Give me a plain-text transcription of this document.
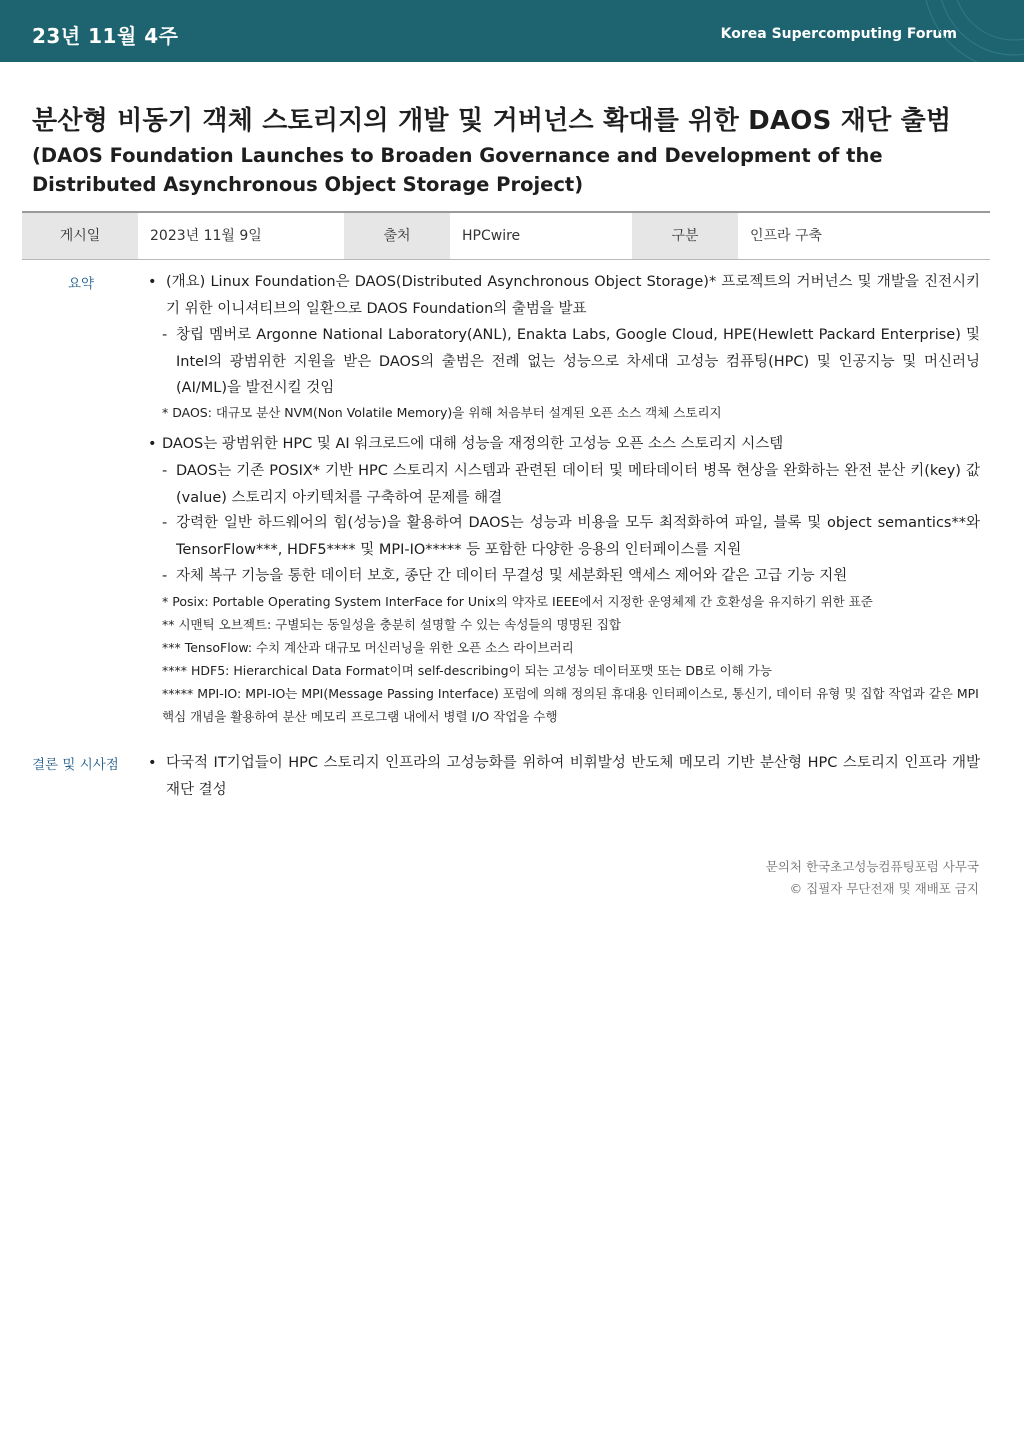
23년 11월 4주	Korea Supercomputing Forum
분산형 비동기 객체 스토리지의 개발 및 거버넌스 확대를 위한 DAOS 재단 출범
(DAOS Foundation Launches to Broaden Governance and Development of the Distributed Asynchronous Object Storage Project)
게시일	2023년 11월 9일	출처	HPCwire	구분	인프라 구축
요약	• (개요) Linux Foundation은 DAOS(Distributed Asynchronous Object Storage)* 프로젝트의 거버넌스 및 개발을 진전시키기 위한 이니셔티브의 일환으로 DAOS Foundation의 출범을 발표
- 창립 멤버로 Argonne National Laboratory(ANL), Enakta Labs, Google Cloud, HPE(Hewlett Packard Enterprise) 및 Intel의 광범위한 지원을 받은 DAOS의 출범은 전례 없는 성능으로 차세대 고성능 컴퓨팅(HPC) 및 인공지능 및 머신러닝(AI/ML)을 발전시킬 것임
* DAOS: 대규모 분산 NVM(Non Volatile Memory)을 위해 처음부터 설계된 오픈 소스 객체 스토리지
• DAOS는 광범위한 HPC 및 AI 워크로드에 대해 성능을 재정의한 고성능 오픈 소스 스토리지 시스템
- DAOS는 기존 POSIX* 기반 HPC 스토리지 시스템과 관련된 데이터 및 메타데이터 병목 현상을 완화하는 완전 분산 키(key) 값(value) 스토리지 아키텍처를 구축하여 문제를 해결
- 강력한 일반 하드웨어의 힘(성능)을 활용하여 DAOS는 성능과 비용을 모두 최적화하여 파일, 블록 및 object semantics**와 TensorFlow***, HDF5**** 및 MPI-IO***** 등 포함한 다양한 응용의 인터페이스를 지원
- 자체 복구 기능을 통한 데이터 보호, 종단 간 데이터 무결성 및 세분화된 액세스 제어와 같은 고급 기능 지원
* Posix: Portable Operating System InterFace for Unix의 약자로 IEEE에서 지정한 운영체제 간 호환성을 유지하기 위한 표준
** 시맨틱 오브젝트: 구별되는 동일성을 충분히 설명할 수 있는 속성들의 명명된 집합
*** TensoFlow: 수치 계산과 대규모 머신러닝을 위한 오픈 소스 라이브러리
**** HDF5: Hierarchical Data Format이며 self-describing이 되는 고성능 데이터포맷 또는 DB로 이해 가능
***** MPI-IO: MPI-IO는 MPI(Message Passing Interface) 포럼에 의해 정의된 휴대용 인터페이스로, 통신기, 데이터 유형 및 집합 작업과 같은 MPI 핵심 개념을 활용하여 분산 메모리 프로그램 내에서 병렬 I/O 작업을 수행
결론 및 시사점 • 다국적 IT기업들이 HPC 스토리지 인프라의 고성능화를 위하여 비휘발성 반도체 메모리 기반 분산형 HPC 스토리지 인프라 개발 재단 결성
문의처 한국초고성능컴퓨팅포럼 사무국
© 집필자 무단전재 및 재배포 금지
